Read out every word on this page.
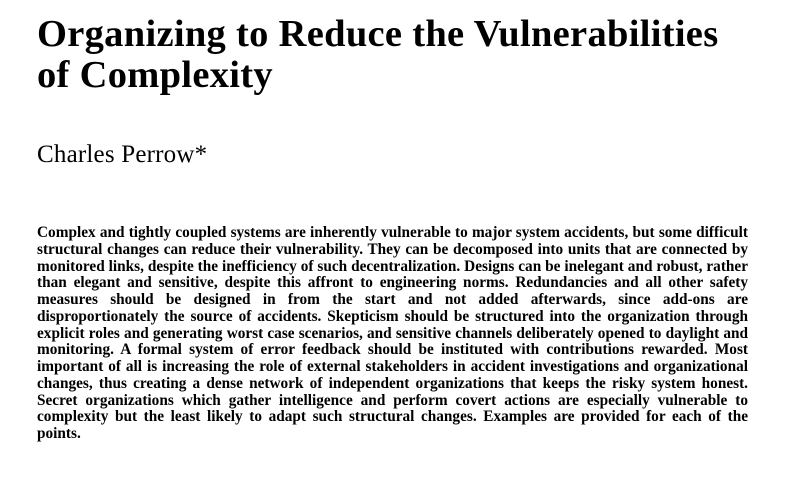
Organizing to Reduce the Vulnerabilities of Complexity
Charles Perrow*

Complex and tightly coupled systems are inherently vulnerable to major system accidents, but some difficult structural changes can reduce their vulnerability. They can be decomposed into units that are connected by monitored links, despite the inefficiency of such decentralization. Designs can be inelegant and robust, rather than elegant and sensitive, despite this affront to engineering norms. Redundancies and all other safety measures should be designed in from the start and not added afterwards, since add-ons are disproportionately the source of accidents. Skepticism should be structured into the organization through explicit roles and generating worst case scenarios, and sensitive channels deliberately opened to daylight and monitoring. A formal system of error feedback should be instituted with contributions rewarded. Most important of all is increasing the role of external stakeholders in accident investigations and organizational changes, thus creating a dense network of independent organizations that keeps the risky system honest. Secret organizations which gather intelligence and perform covert actions are especially vulnerable to complexity but the least likely to adapt such structural changes. Examples are provided for each of the points.
